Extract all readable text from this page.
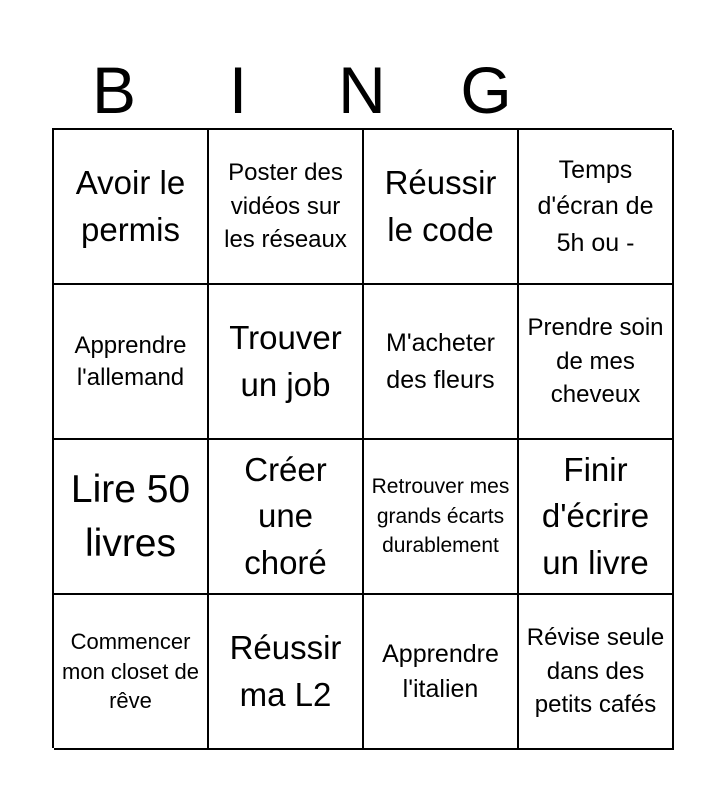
B	I	N	G
Avoir le permis
Poster des vidéos sur les réseaux
Réussir le code
Temps d'écran de 5h ou -
Apprendre l'allemand
Trouver un job
M'acheter des fleurs
Prendre soin de mes cheveux
Lire 50 livres
Créer une choré
Retrouver mes grands écarts durablement
Finir d'écrire un livre
Commencer mon closet de rêve
Réussir ma L2
Apprendre l'italien
Révise seule dans des petits cafés
